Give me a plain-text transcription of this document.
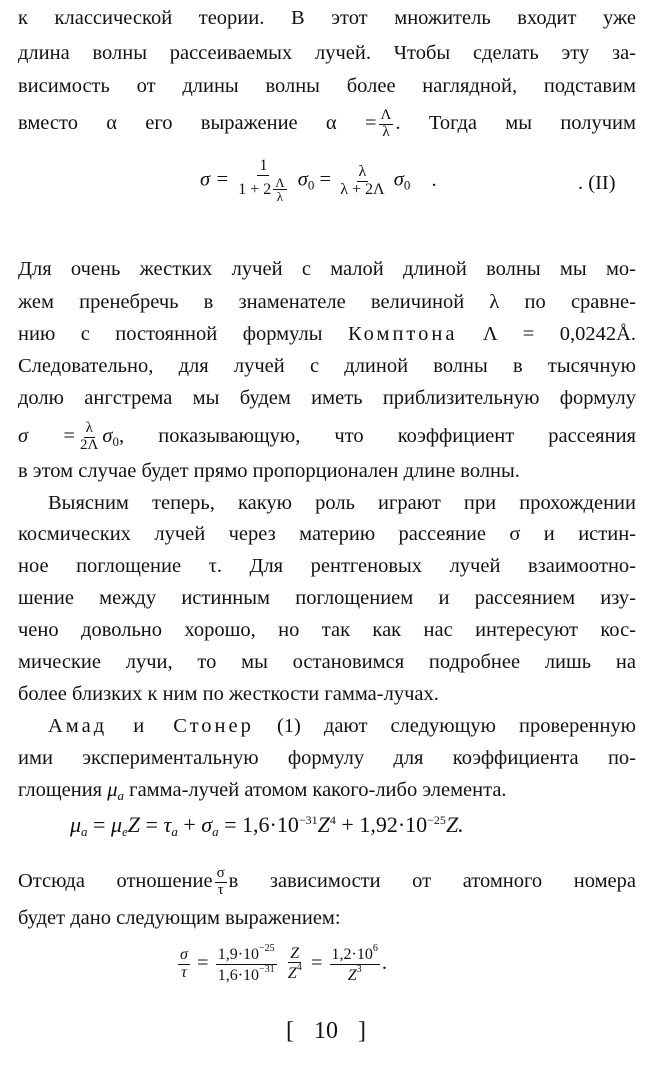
к классической теории. В этот множитель входит уже
длина волны рассеиваемых лучей. Чтобы сделать эту за-
висимость от длины волны более наглядной, подставим
вместо α его выражение $\alpha = \frac{\Lambda}{\lambda}$ . Тогда мы получим
$\sigma = \frac{1}{1 + 2 \frac{\Lambda}{\lambda}} \sigma_0 = \frac{\lambda}{\lambda + 2\Lambda} \sigma_0$ .	. (II)
Для очень жестких лучей с малой длиной волны мы мо-
жем пренебречь в знаменателе величиной λ по сравне-
нию с постоянной формулы Комптона Λ = 0,0242Å.
Следовательно, для лучей с длиной волны в тысячную
долю ангстрема мы будем иметь приблизительную формулу
$\sigma = \frac{\lambda}{2\Lambda} \sigma_0$, показывающую, что коэффициент рассеяния
в этом случае будет прямо пропорционален длине волны.
Выясним теперь, какую роль играют при прохождении
космических лучей через материю рассеяние σ и истин-
ное поглощение τ. Для рентгеновых лучей взаимоотно-
шение между истинным поглощением и рассеянием изу-
чено довольно хорошо, но так как нас интересуют кос-
мические лучи, то мы остановимся подробнее лишь на
более близких к ним по жесткости гамма-лучах.
Амад и Стонер (1) дают следующую проверенную
ими экспериментальную формулу для коэффициента по-
глощения $\mu_a$ гамма-лучей атомом какого-либо элемента.
$\mu_a = \mu_eZ = \tau_a + \sigma_a = 1,6\cdot 10^{-31}Z^4 + 1,92\cdot 10^{-25}Z$.
Отсюда отношение $\frac{\sigma}{\tau}$ в зависимости от атомного номера
будет дано следующим выражением:
$\frac{\sigma}{\tau} = \frac{1,9\cdot 10^{-25}}{1,6\cdot 10^{-31}}$
$\frac{Z}{Z^4} = \frac{1,2\cdot 10^6}{Z^3}$ .
[ 10 ]
